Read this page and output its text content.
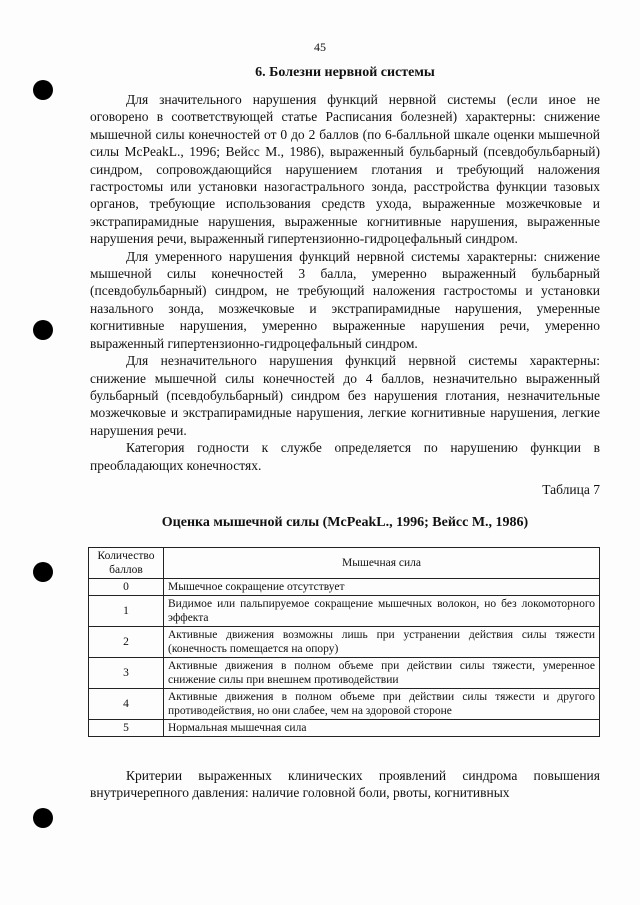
45
6. Болезни нервной системы

Для значительного нарушения функций нервной системы (если иное не оговорено в соответствующей статье Расписания болезней) характерны: снижение мышечной силы конечностей от 0 до 2 баллов (по 6-балльной шкале оценки мышечной силы McPeakL., 1996; Вейсс М., 1986), выраженный бульбарный (псевдобульбарный) синдром, сопровождающийся нарушением глотания и требующий наложения гастростомы или установки назогастрального зонда, расстройства функции тазовых органов, требующие использования средств ухода, выраженные мозжечковые и экстрапирамидные нарушения, выраженные когнитивные нарушения, выраженные нарушения речи, выраженный гипертензионно-гидроцефальный синдром.

Для умеренного нарушения функций нервной системы характерны: снижение мышечной силы конечностей 3 балла, умеренно выраженный бульбарный (псевдобульбарный) синдром, не требующий наложения гастростомы и установки назального зонда, мозжечковые и экстрапирамидные нарушения, умеренные когнитивные нарушения, умеренно выраженные нарушения речи, умеренно выраженный гипертензионно-гидроцефальный синдром.

Для незначительного нарушения функций нервной системы характерны: снижение мышечной силы конечностей до 4 баллов, незначительно выраженный бульбарный (псевдобульбарный) синдром без нарушения глотания, незначительные мозжечковые и экстрапирамидные нарушения, легкие когнитивные нарушения, легкие нарушения речи.

Категория годности к службе определяется по нарушению функции в преобладающих конечностях.

Таблица 7
Оценка мышечной силы (McPeakL., 1996; Вейсс М., 1986)
Количество баллов	Мышечная сила
0	Мышечное сокращение отсутствует
1	Видимое или пальпируемое сокращение мышечных волокон, но без локомоторного эффекта
2	Активные движения возможны лишь при устранении действия силы тяжести (конечность помещается на опору)
3	Активные движения в полном объеме при действии силы тяжести, умеренное снижение силы при внешнем противодействии
4	Активные движения в полном объеме при действии силы тяжести и другого противодействия, но они слабее, чем на здоровой стороне
5	Нормальная мышечная сила

Критерии выраженных клинических проявлений синдрома повышения внутричерепного давления: наличие головной боли, рвоты, когнитивных
